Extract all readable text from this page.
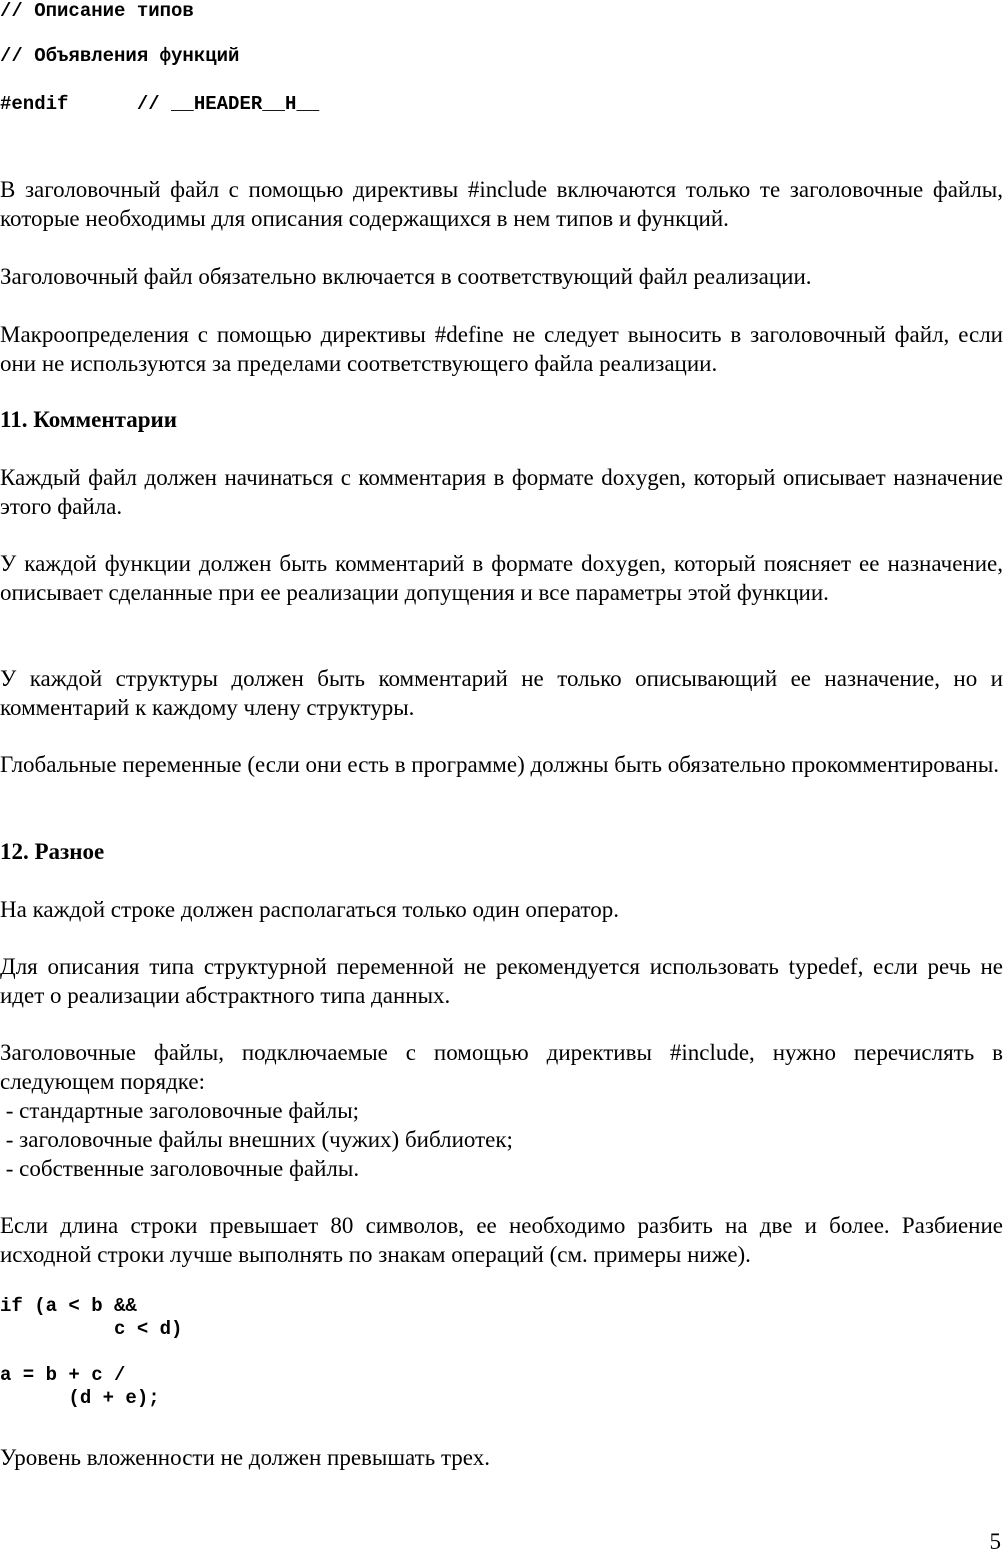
// Описание типов

// Объявления функций

#endif      // __HEADER__H__

В заголовочный файл с помощью директивы #include включаются только те заголовочные файлы, которые необходимы для описания содержащихся в нем типов и функций.

Заголовочный файл обязательно включается в соответствующий файл реализации.

Макроопределения с помощью директивы #define не следует выносить в заголовочный файл, если они не используются за пределами соответствующего файла реализации.

11. Комментарии

Каждый файл должен начинаться с комментария в формате doxygen, который описывает назначение этого файла.

У каждой функции должен быть комментарий в формате doxygen, который поясняет ее назначение, описывает сделанные при ее реализации допущения и все параметры этой функции.

У каждой структуры должен быть комментарий не только описывающий ее назначение, но и комментарий к каждому члену структуры.

Глобальные переменные (если они есть в программе) должны быть обязательно прокомментированы.

12. Разное

На каждой строке должен располагаться только один оператор.

Для описания типа структурной переменной не рекомендуется использовать typedef, если речь не идет о реализации абстрактного типа данных.

Заголовочные файлы, подключаемые с помощью директивы #include, нужно перечислять в следующем порядке:
- стандартные заголовочные файлы;
- заголовочные файлы внешних (чужих) библиотек;
- собственные заголовочные файлы.

Если длина строки превышает 80 символов, ее необходимо разбить на две и более. Разбиение исходной строки лучше выполнять по знакам операций (см. примеры ниже).

if (a < b &&
c < d)
a = b + c /
(d + e);

Уровень вложенности не должен превышать трех.

5
